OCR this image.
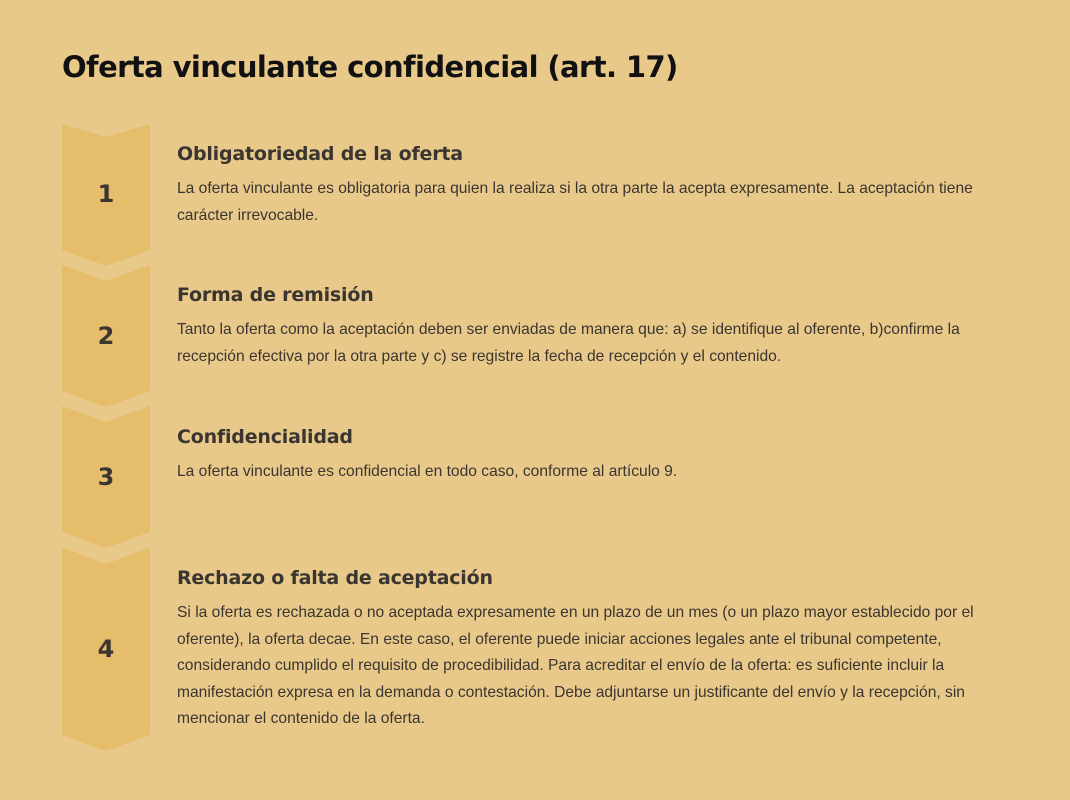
Oferta vinculante confidencial (art. 17)
1
Obligatoriedad de la oferta

La oferta vinculante es obligatoria para quien la realiza si la otra parte la acepta expresamente. La aceptación tiene carácter irrevocable.

2
Forma de remisión

Tanto la oferta como la aceptación deben ser enviadas de manera que: a) se identifique al oferente, b)confirme la recepción efectiva por la otra parte y c) se registre la fecha de recepción y el contenido.

3
Confidencialidad

La oferta vinculante es confidencial en todo caso, conforme al artículo 9.

4
Rechazo o falta de aceptación

Si la oferta es rechazada o no aceptada expresamente en un plazo de un mes (o un plazo mayor establecido por el oferente), la oferta decae. En este caso, el oferente puede iniciar acciones legales ante el tribunal competente, considerando cumplido el requisito de procedibilidad. Para acreditar el envío de la oferta: es suficiente incluir la manifestación expresa en la demanda o contestación. Debe adjuntarse un justificante del envío y la recepción, sin mencionar el contenido de la oferta.
